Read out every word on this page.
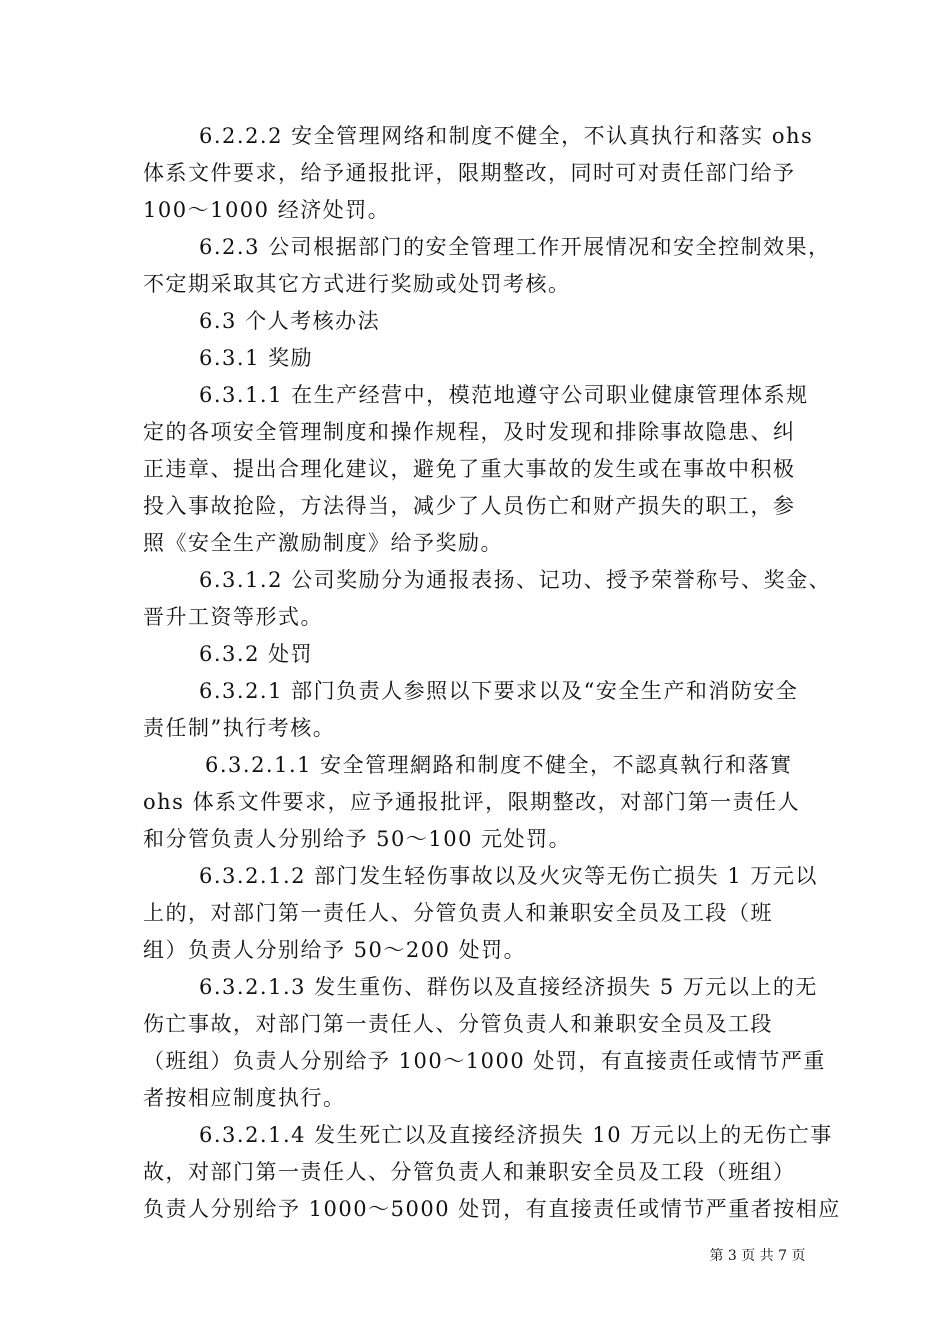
6.2.2.2 安全管理网络和制度不健全，不认真执行和落实 ohs
体系文件要求，给予通报批评，限期整改，同时可对责任部门给予
100～1000 经济处罚。
6.2.3 公司根据部门的安全管理工作开展情况和安全控制效果，
不定期采取其它方式进行奖励或处罚考核。
6.3 个人考核办法
6.3.1 奖励
6.3.1.1 在生产经营中，模范地遵守公司职业健康管理体系规
定的各项安全管理制度和操作规程，及时发现和排除事故隐患、纠
正违章、提出合理化建议，避免了重大事故的发生或在事故中积极
投入事故抢险，方法得当，减少了人员伤亡和财产损失的职工，参
照《安全生产激励制度》给予奖励。
6.3.1.2 公司奖励分为通报表扬、记功、授予荣誉称号、奖金、
晋升工资等形式。
6.3.2 处罚
6.3.2.1 部门负责人参照以下要求以及“安全生产和消防安全
责任制”执行考核。
6.3.2.1.1 安全管理網路和制度不健全，不認真執行和落實
ohs 体系文件要求，应予通报批评，限期整改，对部门第一责任人
和分管负责人分别给予 50～100 元处罚。
6.3.2.1.2 部门发生轻伤事故以及火灾等无伤亡损失 1 万元以
上的，对部门第一责任人、分管负责人和兼职安全员及工段（班
组）负责人分别给予 50～200 处罚。
6.3.2.1.3 发生重伤、群伤以及直接经济损失 5 万元以上的无
伤亡事故，对部门第一责任人、分管负责人和兼职安全员及工段
（班组）负责人分别给予 100～1000 处罚，有直接责任或情节严重
者按相应制度执行。
6.3.2.1.4 发生死亡以及直接经济损失 10 万元以上的无伤亡事
故，对部门第一责任人、分管负责人和兼职安全员及工段（班组）
负责人分别给予 1000～5000 处罚，有直接责任或情节严重者按相应
第 3 页 共 7 页
